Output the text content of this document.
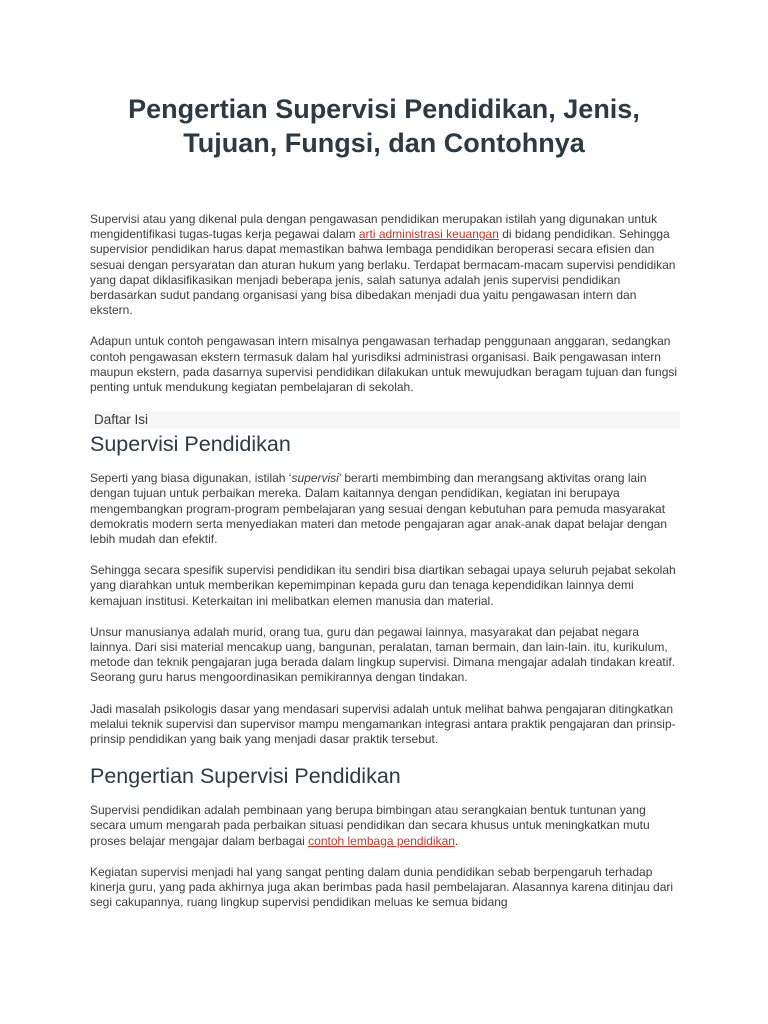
Pengertian Supervisi Pendidikan, Jenis, Tujuan, Fungsi, dan Contohnya

Supervisi atau yang dikenal pula dengan pengawasan pendidikan merupakan istilah yang digunakan untuk mengidentifikasi tugas-tugas kerja pegawai dalam arti administrasi keuangan di bidang pendidikan. Sehingga supervisior pendidikan harus dapat memastikan bahwa lembaga pendidikan beroperasi secara efisien dan sesuai dengan persyaratan dan aturan hukum yang berlaku. Terdapat bermacam-macam supervisi pendidikan yang dapat diklasifikasikan menjadi beberapa jenis, salah satunya adalah jenis supervisi pendidikan berdasarkan sudut pandang organisasi yang bisa dibedakan menjadi dua yaitu pengawasan intern dan ekstern.

Adapun untuk contoh pengawasan intern misalnya pengawasan terhadap penggunaan anggaran, sedangkan contoh pengawasan ekstern termasuk dalam hal yurisdiksi administrasi organisasi. Baik pengawasan intern maupun ekstern, pada dasarnya supervisi pendidikan dilakukan untuk mewujudkan beragam tujuan dan fungsi penting untuk mendukung kegiatan pembelajaran di sekolah.

Daftar Isi
Supervisi Pendidikan

Seperti yang biasa digunakan, istilah ‘supervisi’ berarti membimbing dan merangsang aktivitas orang lain dengan tujuan untuk perbaikan mereka. Dalam kaitannya dengan pendidikan, kegiatan ini berupaya mengembangkan program-program pembelajaran yang sesuai dengan kebutuhan para pemuda masyarakat demokratis modern serta menyediakan materi dan metode pengajaran agar anak-anak dapat belajar dengan lebih mudah dan efektif.

Sehingga secara spesifik supervisi pendidikan itu sendiri bisa diartikan sebagai upaya seluruh pejabat sekolah yang diarahkan untuk memberikan kepemimpinan kepada guru dan tenaga kependidikan lainnya demi kemajuan institusi. Keterkaitan ini melibatkan elemen manusia dan material.

Unsur manusianya adalah murid, orang tua, guru dan pegawai lainnya, masyarakat dan pejabat negara lainnya. Dari sisi material mencakup uang, bangunan, peralatan, taman bermain, dan lain-lain. itu, kurikulum, metode dan teknik pengajaran juga berada dalam lingkup supervisi. Dimana mengajar adalah tindakan kreatif. Seorang guru harus mengoordinasikan pemikirannya dengan tindakan.

Jadi masalah psikologis dasar yang mendasari supervisi adalah untuk melihat bahwa pengajaran ditingkatkan melalui teknik supervisi dan supervisor mampu mengamankan integrasi antara praktik pengajaran dan prinsip-prinsip pendidikan yang baik yang menjadi dasar praktik tersebut.

Pengertian Supervisi Pendidikan

Supervisi pendidikan adalah pembinaan yang berupa bimbingan atau serangkaian bentuk tuntunan yang secara umum mengarah pada perbaikan situasi pendidikan dan secara khusus untuk meningkatkan mutu proses belajar mengajar dalam berbagai contoh lembaga pendidikan.

Kegiatan supervisi menjadi hal yang sangat penting dalam dunia pendidikan sebab berpengaruh terhadap kinerja guru, yang pada akhirnya juga akan berimbas pada hasil pembelajaran. Alasannya karena ditinjau dari segi cakupannya, ruang lingkup supervisi pendidikan meluas ke semua bidang
